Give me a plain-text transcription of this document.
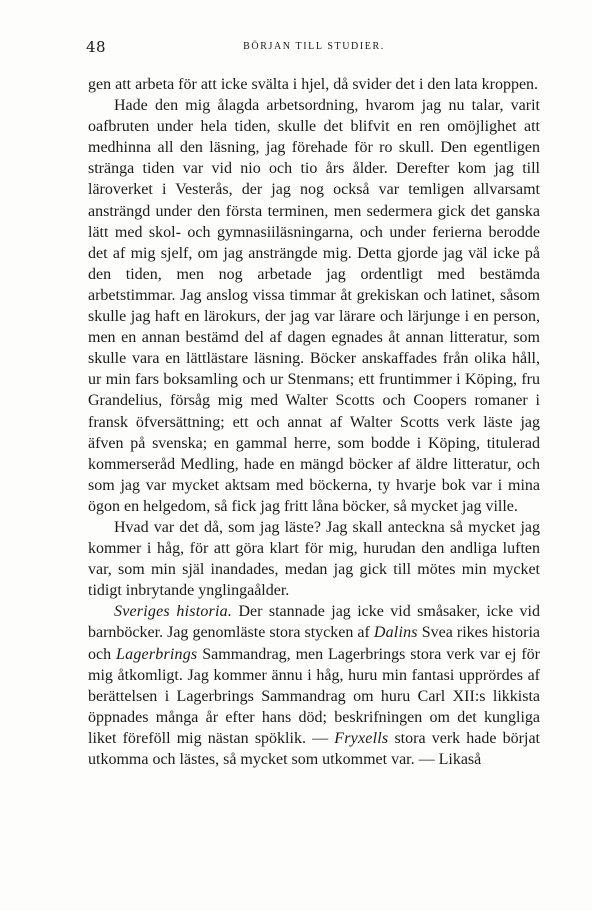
48	BÖRJAN TILL STUDIER.

gen att arbeta för att icke svälta i hjel, då svider det i den lata kroppen.

Hade den mig ålagda arbetsordning, hvarom jag nu talar, varit oafbruten under hela tiden, skulle det blifvit en ren omöjlighet att medhinna all den läsning, jag förehade för ro skull. Den egentligen stränga tiden var vid nio och tio års ålder. Derefter kom jag till läroverket i Vesterås, der jag nog också var temligen allvarsamt ansträngd under den första terminen, men sedermera gick det ganska lätt med skol- och gymnasiiläsningarna, och under ferierna berodde det af mig sjelf, om jag ansträngde mig. Detta gjorde jag väl icke på den tiden, men nog arbetade jag ordentligt med bestämda arbetstimmar. Jag anslog vissa timmar åt grekiskan och latinet, såsom skulle jag haft en lärokurs, der jag var lärare och lärjunge i en person, men en annan bestämd del af dagen egnades åt annan litteratur, som skulle vara en lättlästare läsning. Böcker anskaffades från olika håll, ur min fars boksamling och ur Stenmans; ett fruntimmer i Köping, fru Grandelius, försåg mig med Walter Scotts och Coopers romaner i fransk öfversättning; ett och annat af Walter Scotts verk läste jag äfven på svenska; en gammal herre, som bodde i Köping, titulerad kommerseråd Medling, hade en mängd böcker af äldre litteratur, och som jag var mycket aktsam med böckerna, ty hvarje bok var i mina ögon en helgedom, så fick jag fritt låna böcker, så mycket jag ville.

Hvad var det då, som jag läste? Jag skall anteckna så mycket jag kommer i håg, för att göra klart för mig, hurudan den andliga luften var, som min själ inandades, medan jag gick till mötes min mycket tidigt inbrytande ynglingaålder.

Sveriges historia. Der stannade jag icke vid småsaker, icke vid barnböcker. Jag genomläste stora stycken af Dalins Svea rikes historia och Lagerbrings Sammandrag, men Lagerbrings stora verk var ej för mig åtkomligt. Jag kommer ännu i håg, huru min fantasi upprördes af berättelsen i Lagerbrings Sammandrag om huru Carl XII:s likkista öppnades många år efter hans död; beskrifningen om det kungliga liket föreföll mig nästan spöklik. — Fryxells stora verk hade börjat utkomma och lästes, så mycket som utkommet var. — Likaså
